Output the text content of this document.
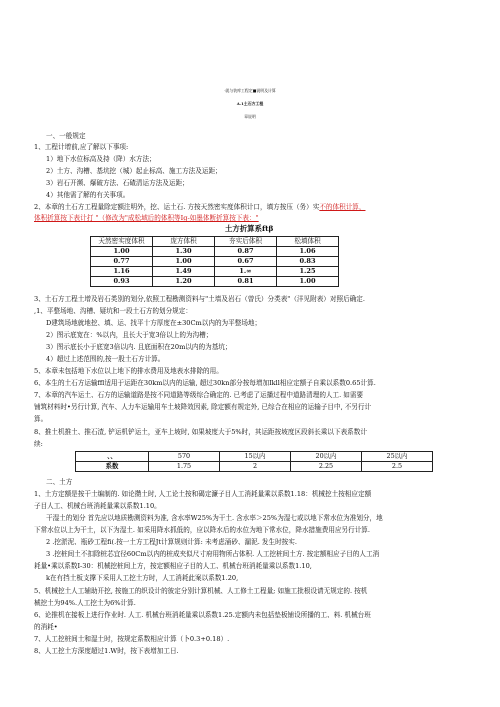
·就与装库工程定■说明及计算
A.1土石方工程
章说明
一、一般规定
1、工程计增前,应了解以下事项:
1）地下水位标高及持（降）水方法；
2）土方、沟槽、基坑挖（城）起止标高、施工方法及运距；
3）岩石开濒、爆破方法、石碴清运方法及运距；
4）其他需了解的有关事项。
2、本章的土石方工程量除定额注明外，挖、运土石. 方按天然密实度体积计口，填方按压（务）实不的体积计算，
体积折算按下表计打 "（修改为"成松域后的体积等Ig-如墨体断折算按下表："
土方折算系ftβ
天然密实度体积	庞方体积	夯实后体积	松填体积
1.00	1.30	0.87	1.06
0.77	1.00	0.67	0.83
1.16	1.49	1.∞	1.25
0.93	1.20	0.81	1.00
3、土石方工程土增及岩石类别的划分,依照工程勘测资料与"土墙及岩石（曾氏）分类表"（洋见附表）对照后确定.
,1、平整场地、沟槽、疑坑和一段土石方的划分规定：
D建筑场地就地挖、填、运、找平十方厚度在±30Cm以内的为平整场地；
2）图示底宽在：%以内，且长大于宽3倍以上的为沟槽；
3）图示底长小于底宽3倍以内. 且底面积在20m以内的为基坑；
4）超过上述范围的,按一股土石方计算。
5、本章未包括地下水位以上地下的排水费用及地表水排除的用。
6、本生的土石方运输ffl适用于运距在30km以内的运输, 超过30kn部分按每增加Ikll相应定额子自乘以系数0.65计算.
7、本章的汽车运土、石方的运输道路是按不同道路等级综合确定的. 已考虑了运播过程中道路清理的人工. 如需要
铺筑材料时•另行计算, 汽车、人力车运输用车土坡降效因素, 除定额有规定外, 已综合在相应的运输子目中, 不另行计
算。
8、推土机推土、推石渣, 铲运机铲运土，亚车上坡时, 如果坡度大于5%时，其运距按坡度区段斜长乘以下表系数计
续:
、、	570	15以内	20以内	25以内
系数	1.75	2	2.25	2.5
二、土方
1、土方定额是按干土编制的. 如论攒土时, 人工论土按和碣定濂子目人工消耗量乘以系数1.18：机械挖土按相应定额
子目人工、机械台班消耗量乘以系数1.10。
干湿土的划分 首先应以地质勘测资料为准, 含水率W25%为干土. 含水率＞25%为湿七或以地下常水位为准划分，地
下常水位以上为干土，以下为湿土. 如采用降水抓低的，应以降水后的水位为地下常水位，降水措施费用应另行计算.
2 .挖淤泥、瓶砂工程fi(.按一土方工程Jt计算规则计算: 未考虑涌砂、漏泥. 发生时按实.
3 .挖桩间土不扣除桩芯宜径60Cm以内的桩成夹似尺寸府用物所占体积. 人工挖桩间土方. 按定额相应子目的人工消
耗量•乘以系数I-30：机械挖桩间上方，按定额相应子目的人工、机械台班消耗量乘以系数1.10,
k在有挡土板支撑下采用人工挖土方时，人工消耗此案以系数1.20,
5、机械挖土人工辅助开挖, 按施工的织设计的彼定分别计算机械、人工修土工程量; 如施工批根设请无规定的. 按机
械挖土为94%.人工挖土为6%计算.
6、论推机在接板上进行作业时. 人工. 机械台班消耗量乘以系数1.25.定额内未包括垫板铺设所播的工、料. 机械台班
的消耗•
7、人工挖桩间土和湿土时，按规定系数相应计算（卜0.3+0.18）.
8、人工挖土方深度超过1.W时，按下表增加工日.
